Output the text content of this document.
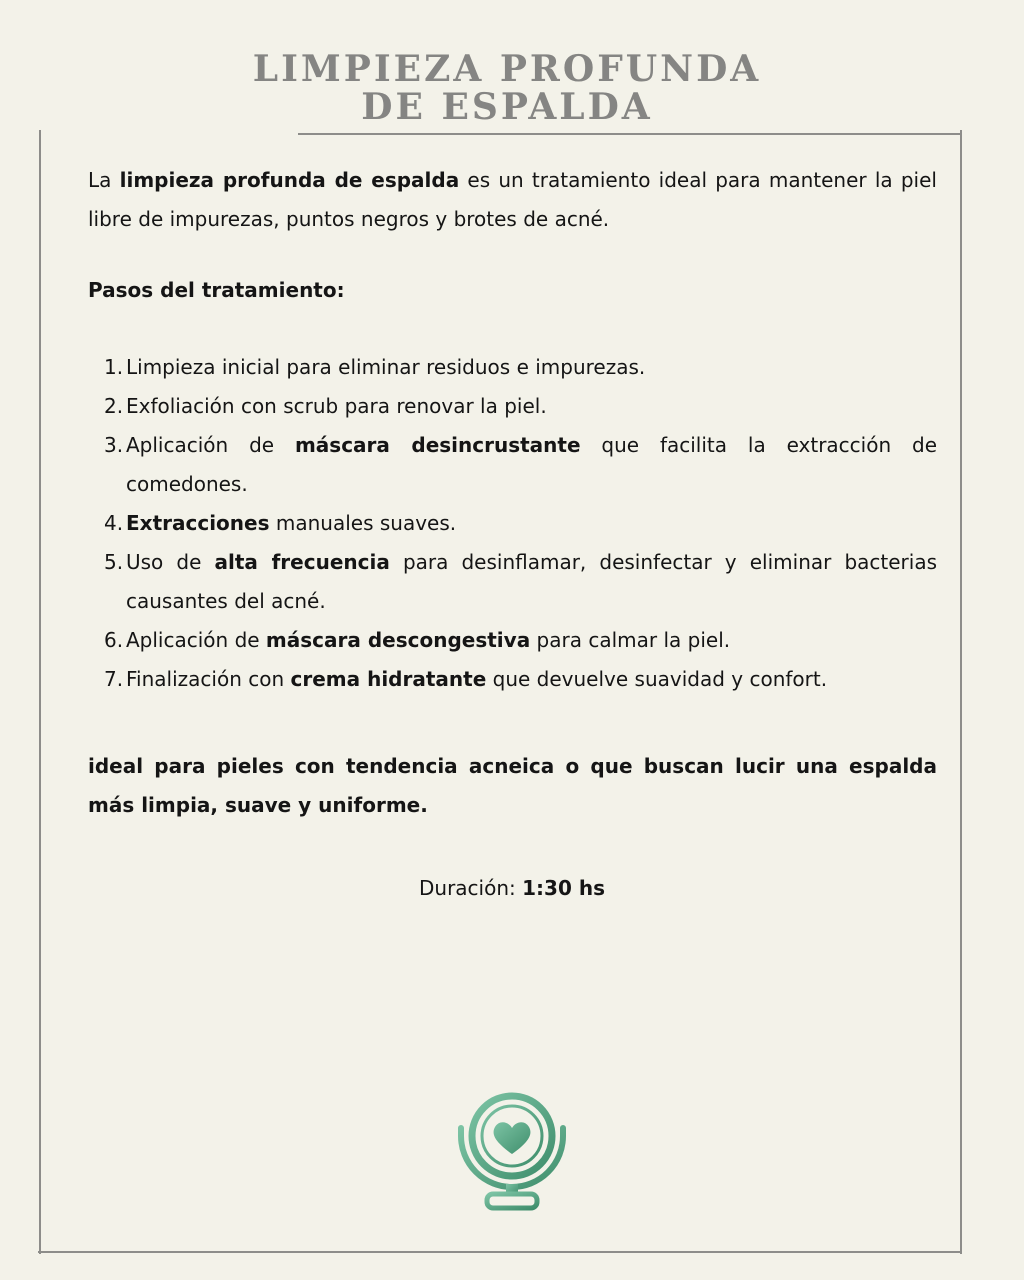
LIMPIEZA PROFUNDA
DE ESPALDA
La limpieza profunda de espalda es un tratamiento ideal para mantener la piel libre de impurezas, puntos negros y brotes de acné.
Pasos del tratamiento:
1. Limpieza inicial para eliminar residuos e impurezas.
2. Exfoliación con scrub para renovar la piel.
3. Aplicación de máscara desincrustante que facilita la extracción de comedones.
4. Extracciones manuales suaves.
5. Uso de alta frecuencia para desinflamar, desinfectar y eliminar bacterias causantes del acné.
6. Aplicación de máscara descongestiva para calmar la piel.
7. Finalización con crema hidratante que devuelve suavidad y confort.
ideal para pieles con tendencia acneica o que buscan lucir una espalda más limpia, suave y uniforme.
Duración: 1:30 hs
